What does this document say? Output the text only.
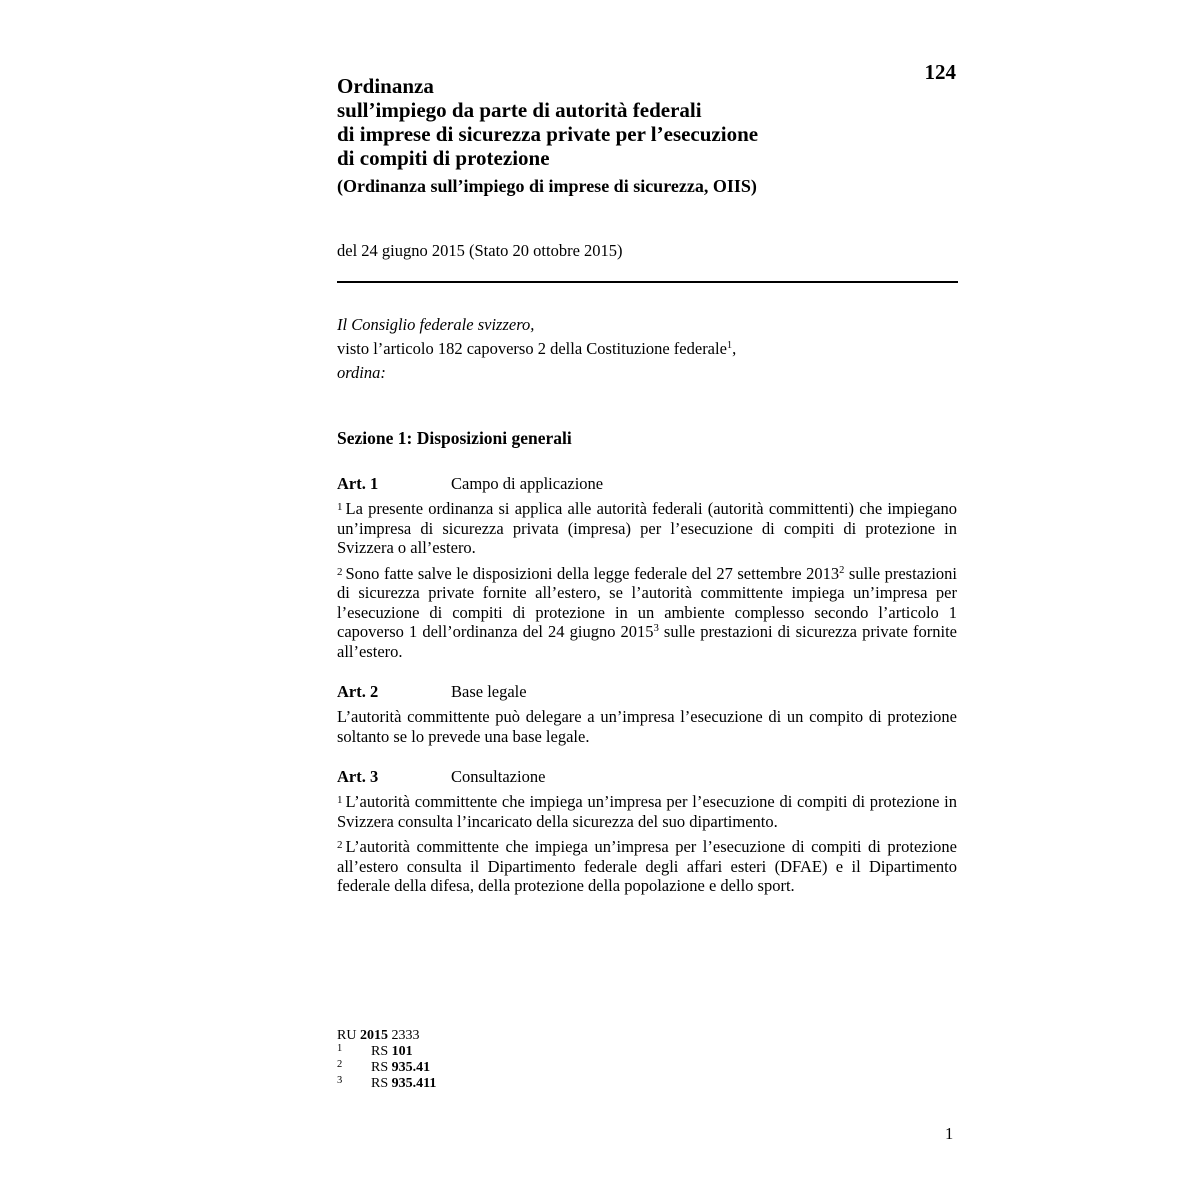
124
Ordinanza
sull’impiego da parte di autorità federali
di imprese di sicurezza private per l’esecuzione
di compiti di protezione
(Ordinanza sull’impiego di imprese di sicurezza, OIIS)
del 24 giugno 2015 (Stato 20 ottobre 2015)
Il Consiglio federale svizzero,
visto l’articolo 182 capoverso 2 della Costituzione federale$^1$,
ordina:
Sezione 1: Disposizioni generali
Art. 1	Campo di applicazione

$^1$ La presente ordinanza si applica alle autorità federali (autorità committenti) che impiegano un’impresa di sicurezza privata (impresa) per l’esecuzione di compiti di protezione in Svizzera o all’estero.

$^2$ Sono fatte salve le disposizioni della legge federale del 27 settembre 2013$^2$ sulle prestazioni di sicurezza private fornite all’estero, se l’autorità committente impiega un’impresa per l’esecuzione di compiti di protezione in un ambiente complesso secondo l’articolo 1 capoverso 1 dell’ordinanza del 24 giugno 2015$^3$ sulle prestazioni di sicurezza private fornite all’estero.

Art. 2	Base legale

L’autorità committente può delegare a un’impresa l’esecuzione di un compito di protezione soltanto se lo prevede una base legale.

Art. 3	Consultazione

$^1$ L’autorità committente che impiega un’impresa per l’esecuzione di compiti di protezione in Svizzera consulta l’incaricato della sicurezza del suo dipartimento.

$^2$ L’autorità committente che impiega un’impresa per l’esecuzione di compiti di protezione all’estero consulta il Dipartimento federale degli affari esteri (DFAE) e il Dipartimento federale della difesa, della protezione della popolazione e dello sport.

RU 2015 2333
1 RS 101
2 RS 935.41
3 RS 935.411
1
